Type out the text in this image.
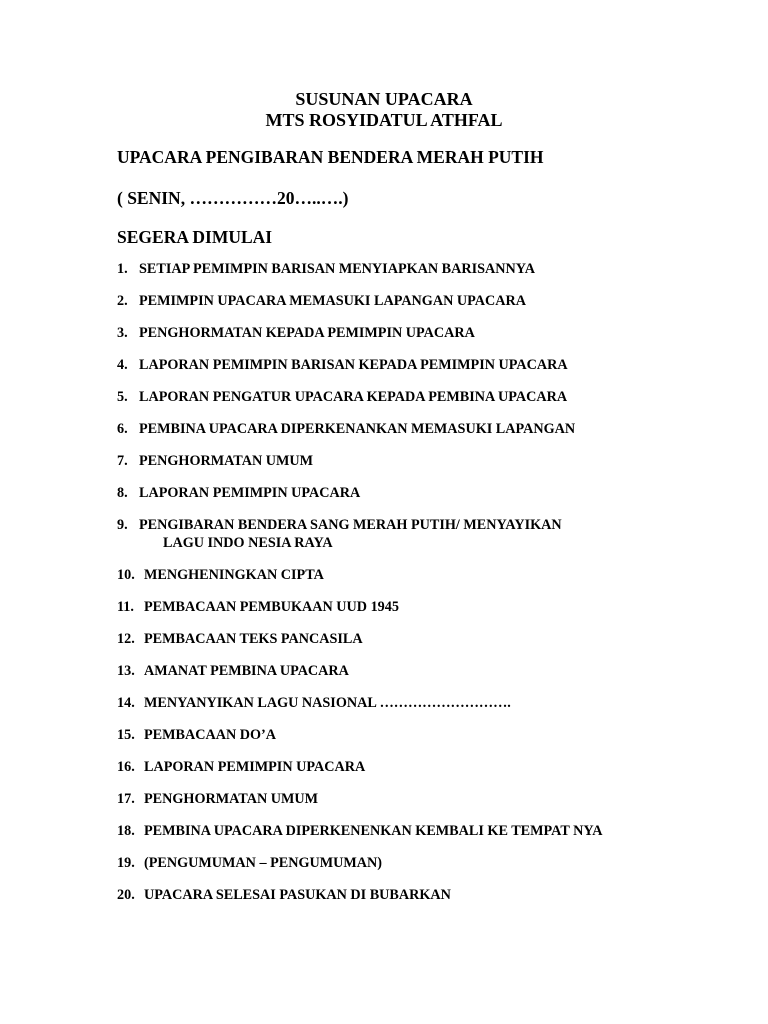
SUSUNAN UPACARA
MTS ROSYIDATUL ATHFAL
UPACARA PENGIBARAN BENDERA MERAH PUTIH
( SENIN, ……………20…..….)
SEGERA DIMULAI
1. SETIAP PEMIMPIN BARISAN MENYIAPKAN BARISANNYA
2. PEMIMPIN UPACARA MEMASUKI LAPANGAN UPACARA
3. PENGHORMATAN KEPADA PEMIMPIN UPACARA
4. LAPORAN PEMIMPIN BARISAN KEPADA PEMIMPIN UPACARA
5. LAPORAN PENGATUR UPACARA KEPADA PEMBINA UPACARA
6. PEMBINA UPACARA DIPERKENANKAN MEMASUKI LAPANGAN
7. PENGHORMATAN UMUM
8. LAPORAN PEMIMPIN UPACARA
9. PENGIBARAN BENDERA SANG MERAH PUTIH/ MENYAYIKAN
LAGU INDO NESIA RAYA
10. MENGHENINGKAN CIPTA
11. PEMBACAAN PEMBUKAAN UUD 1945
12. PEMBACAAN TEKS PANCASILA
13. AMANAT PEMBINA UPACARA
14. MENYANYIKAN LAGU NASIONAL ……………………….
15. PEMBACAAN DO’A
16. LAPORAN PEMIMPIN UPACARA
17. PENGHORMATAN UMUM
18. PEMBINA UPACARA DIPERKENENKAN KEMBALI KE TEMPAT NYA
19. (PENGUMUMAN – PENGUMUMAN)
20. UPACARA SELESAI PASUKAN DI BUBARKAN
